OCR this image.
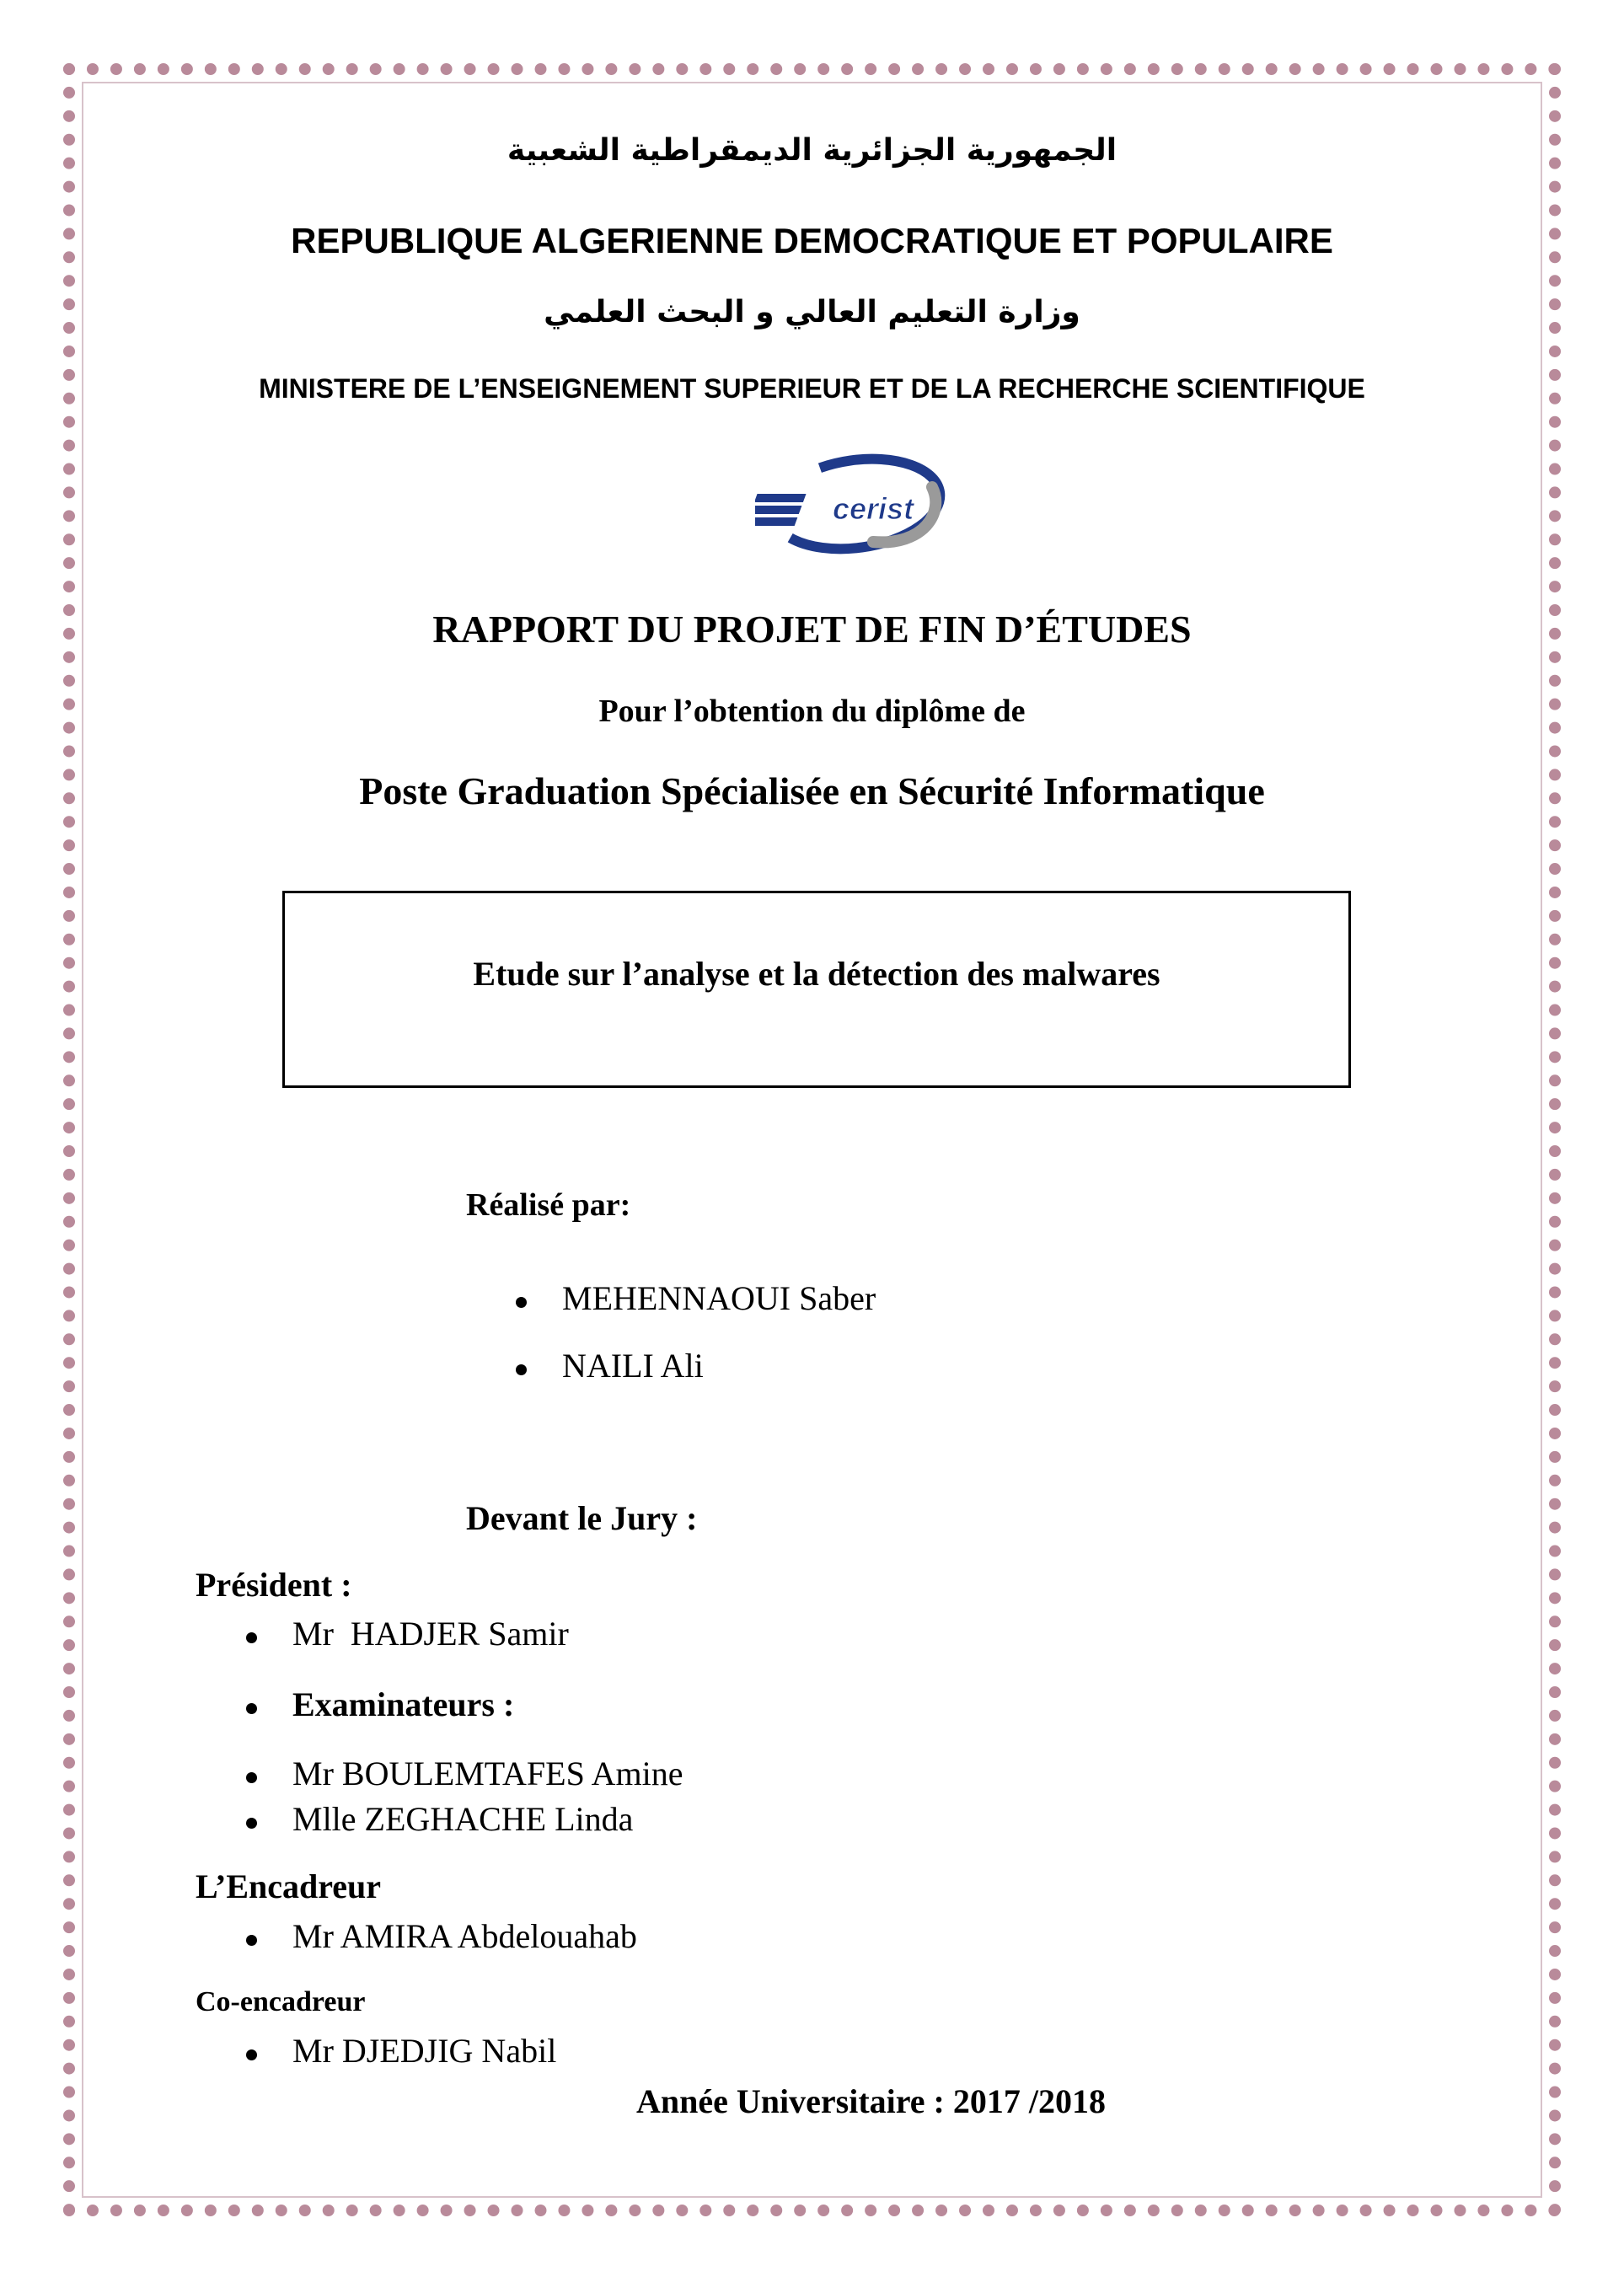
الجمهورية الجزائرية الديمقراطية الشعبية
REPUBLIQUE ALGERIENNE DEMOCRATIQUE ET POPULAIRE
وزارة التعليم العالي و البحث العلمي
MINISTERE DE L’ENSEIGNEMENT SUPERIEUR ET DE LA RECHERCHE SCIENTIFIQUE
cerist
RAPPORT DU PROJET DE FIN D’ÉTUDES
Pour l’obtention du diplôme de
Poste Graduation Spécialisée en Sécurité Informatique
Etude sur l’analyse et la détection des malwares
Réalisé par:
MEHENNAOUI Saber
NAILI Ali
Devant le Jury :
Président :
Mr  HADJER Samir
Examinateurs :
Mr BOULEMTAFES Amine
Mlle ZEGHACHE Linda
L’Encadreur
Mr AMIRA Abdelouahab
Co-encadreur
Mr DJEDJIG Nabil
Année Universitaire : 2017 /2018
